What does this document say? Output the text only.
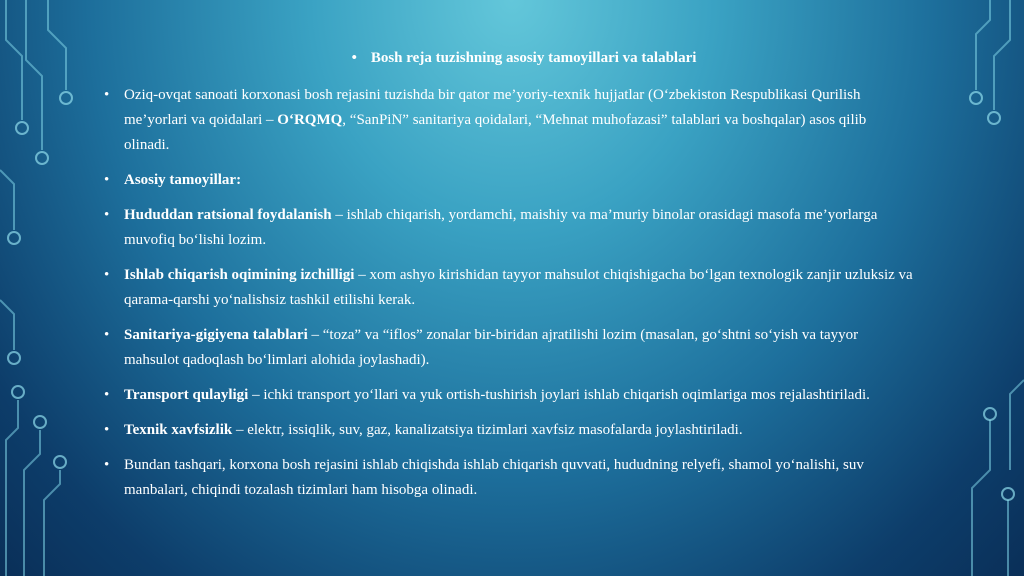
• Bosh reja tuzishning asosiy tamoyillari va talablari
• Oziq-ovqat sanoati korxonasi bosh rejasini tuzishda bir qator me’yoriy-texnik hujjatlar (O‘zbekiston Respublikasi Qurilish me’yorlari va qoidalari – O‘RQMQ, “SanPiN” sanitariya qoidalari, “Mehnat muhofazasi” talablari va boshqalar) asos qilib olinadi.
• Asosiy tamoyillar:
• Hududdan ratsional foydalanish – ishlab chiqarish, yordamchi, maishiy va ma’muriy binolar orasidagi masofa me’yorlarga muvofiq bo‘lishi lozim.
• Ishlab chiqarish oqimining izchilligi – xom ashyo kirishidan tayyor mahsulot chiqishigacha bo‘lgan texnologik zanjir uzluksiz va qarama-qarshi yo‘nalishsiz tashkil etilishi kerak.
• Sanitariya-gigiyena talablari – “toza” va “iflos” zonalar bir-biridan ajratilishi lozim (masalan, go‘shtni so‘yish va tayyor mahsulot qadoqlash bo‘limlari alohida joylashadi).
• Transport qulayligi – ichki transport yo‘llari va yuk ortish-tushirish joylari ishlab chiqarish oqimlariga mos rejalashtiriladi.
• Texnik xavfsizlik – elektr, issiqlik, suv, gaz, kanalizatsiya tizimlari xavfsiz masofalarda joylashtiriladi.
• Bundan tashqari, korxona bosh rejasini ishlab chiqishda ishlab chiqarish quvvati, hududning relyefi, shamol yo‘nalishi, suv manbalari, chiqindi tozalash tizimlari ham hisobga olinadi.
